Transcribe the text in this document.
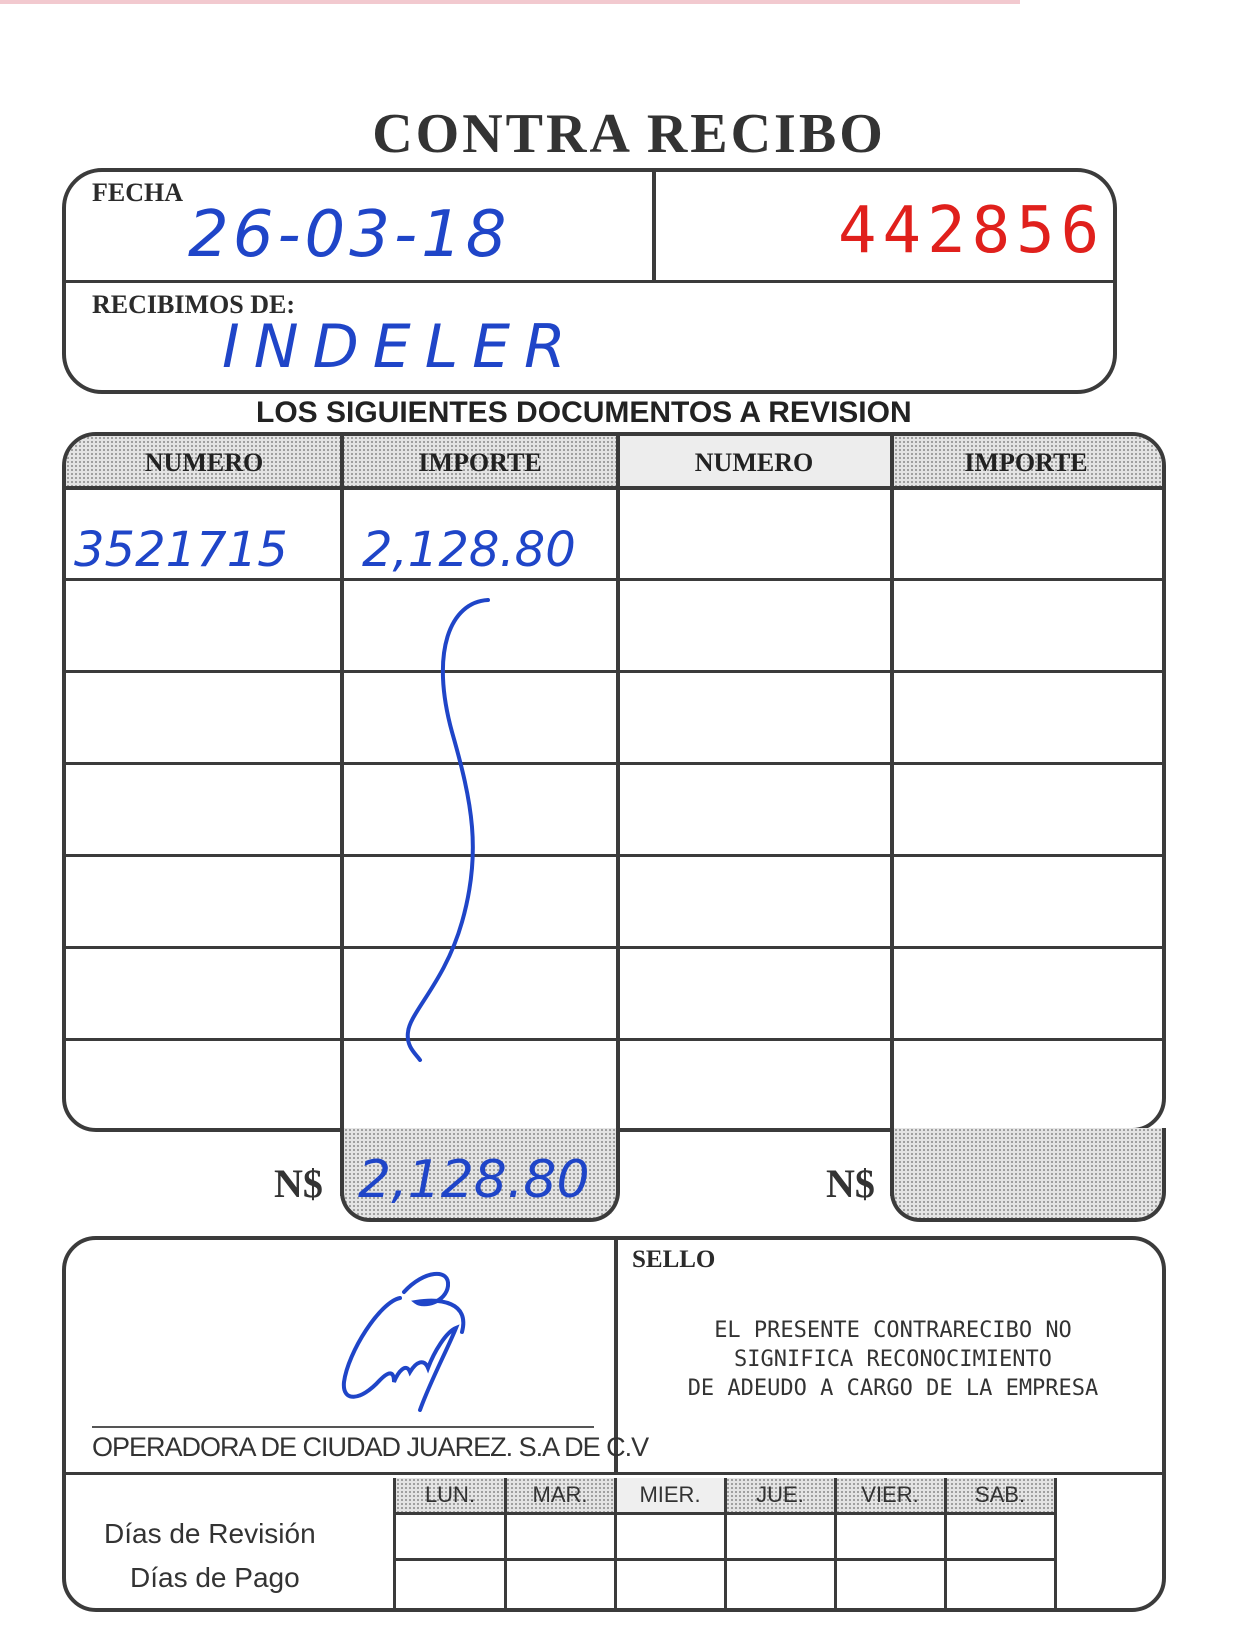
CONTRA RECIBO
FECHA
26-03-18	442856
RECIBIMOS DE:
INDELER
LOS SIGUIENTES DOCUMENTOS A REVISION
NUMERO	IMPORTE	NUMERO	IMPORTE
3521715 2,128.80
N$ 2,128.80	N$
OPERADORA DE CIUDAD JUAREZ. S.A DE C.V
SELLO
EL PRESENTE CONTRARECIBO NO
SIGNIFICA RECONOCIMIENTO
DE ADEUDO A CARGO DE LA EMPRESA
LUN.	MAR.	MIER.	JUE.	VIER.	SAB.
Días de Revisión
Días de Pago
